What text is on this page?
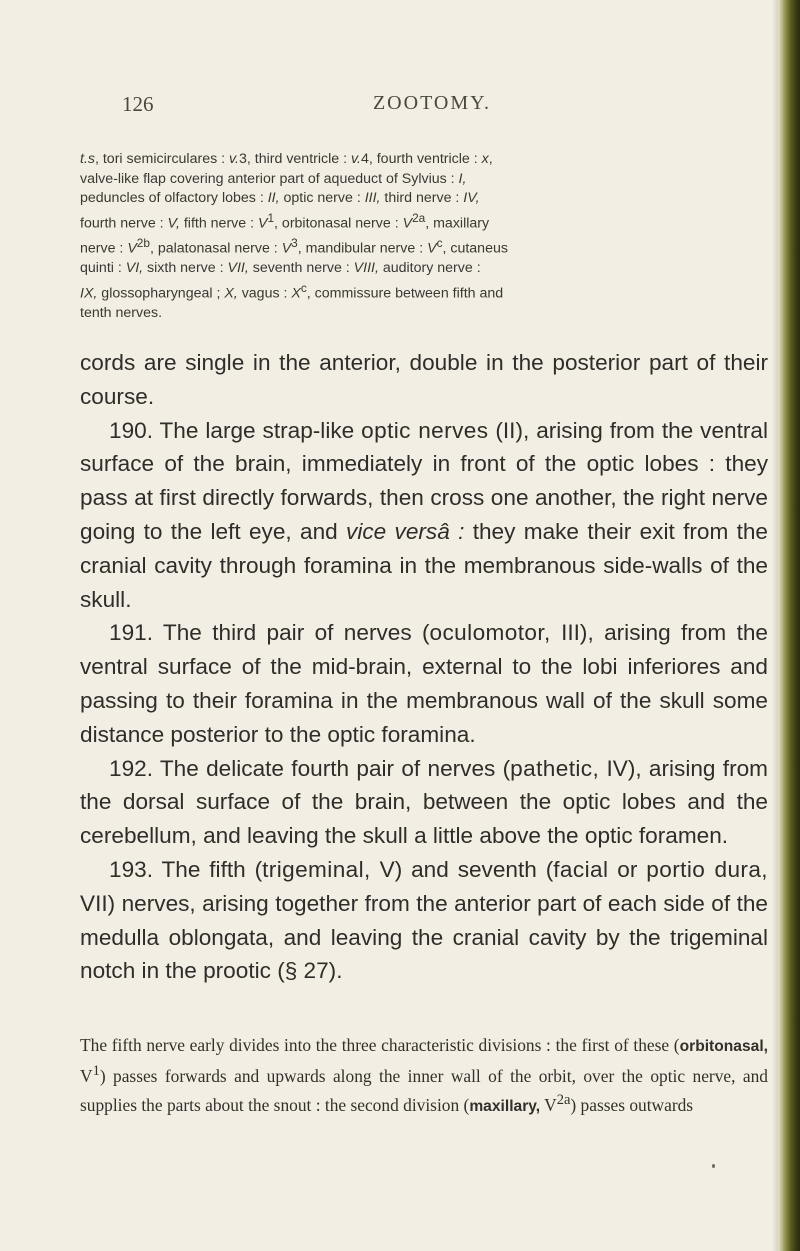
126	ZOOTOMY.
t.s, tori semicirculares : v.3, third ventricle : v.4, fourth ventricle : x,
valve-like flap covering anterior part of aqueduct of Sylvius : I,
peduncles of olfactory lobes : II, optic nerve : III, third nerve : IV,
fourth nerve : V, fifth nerve : $V^1$, orbitonasal nerve : $V^{2a}$, maxillary
nerve : $V^{2b}$, palatonasal nerve : $V^3$, mandibular nerve : $V^c$, cutaneus
quinti : VI, sixth nerve : VII, seventh nerve : VIII, auditory nerve :
IX, glossopharyngeal ; X, vagus : $X^c$, commissure between fifth and
tenth nerves.

cords are single in the anterior, double in the posterior part of their course.

190. The large strap-like optic nerves (II), arising from the ventral surface of the brain, immediately in front of the optic lobes : they pass at first directly forwards, then cross one another, the right nerve going to the left eye, and vice versâ : they make their exit from the cranial cavity through foramina in the membranous side-walls of the skull.

191. The third pair of nerves (oculomotor, III), arising from the ventral surface of the mid-brain, external to the lobi inferiores and passing to their foramina in the membranous wall of the skull some distance posterior to the optic foramina.

192. The delicate fourth pair of nerves (pathetic, IV), arising from the dorsal surface of the brain, between the optic lobes and the cerebellum, and leaving the skull a little above the optic foramen.

193. The fifth (trigeminal, V) and seventh (facial or portio dura, VII) nerves, arising together from the anterior part of each side of the medulla oblongata, and leaving the cranial cavity by the trigeminal notch in the prootic (§ 27).

The fifth nerve early divides into the three characteristic divisions : the first of these (orbitonasal, $V^1$) passes forwards and upwards along the inner wall of the orbit, over the optic nerve, and supplies the parts about the snout : the second division (maxillary, $V^{2a}$) passes outwards
